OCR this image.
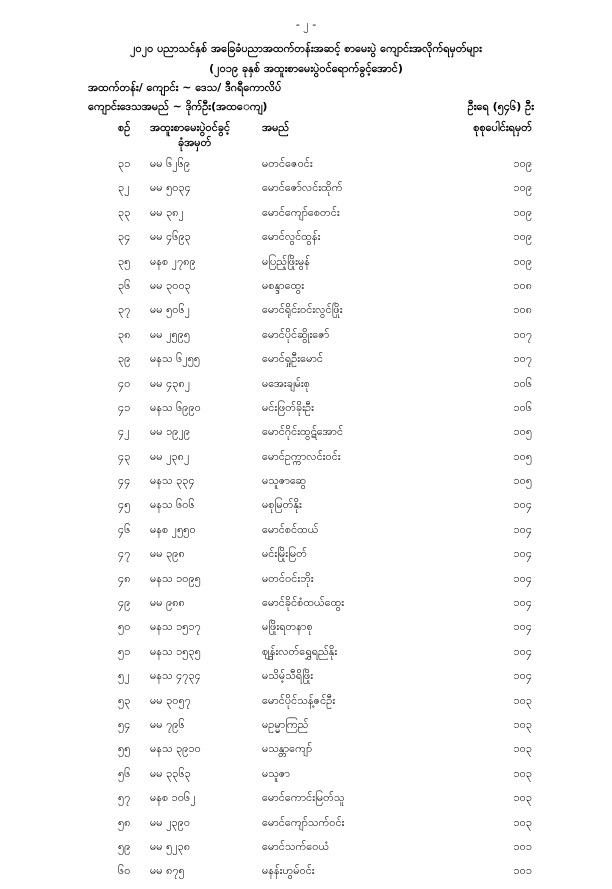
- ၂ -
၂၀၂၀ ပညာသင်နှစ် အခြေခံပညာအထက်တန်းအဆင့် စာမေးပွဲ ကျောင်းအလိုက်ရမှတ်များ
(၂၀၁၉ ခုနှစ် အထူးစာမေးပွဲဝင်ရောက်ခွင့်အောင်)
အထက်တန်း/ ကျောင်း ~ ဒေသ/ ဒီဂရီကောလိပ်
ကျောင်းဒေသအမည် ~ ဒိုက်ဦး(အထ​ေကျ)	ဦးရေ (၅၄၆) ဦး
စဉ် အထူးစာမေးပွဲဝင်ခွင့်
ခုံအမှတ်
အမည်	စုစုပေါင်းရမှတ်
၃၁ မမ ၆၂၆၉	မတင်ဇေဝင်း	၁၀၉
၃၂ မမ ၅၀၃၄	မောင်ဇော်လင်းထိုက်	၁၀၉
၃၃ မမ ၃၈၂	မောင်ကျော်စေတင်း	၁၀၉
၃၄ မမ ၄၆၉၃	မောင်လွင်ထွန်း	၁၀၉
၃၅ မနစ ၂၇၈၉	မပြည့်ဖြိုးမွန်	၁၀၉
၃၆ မမ ၃၀၀၃	မစန္ဒာထွေး	၁၀၈
၃၇ မမ ၅၀၆၂	မောင်ရိုင်းဝင်းလွင်ဖြိုး	၁၀၈
၃၈ မမ ၂၅၉၅	မောင်ပိုင်ဆွိုးဇော်	၁၀၇
၃၉ မနသ ၆၂၅၅	မောင်ရှုဦးမောင်	၁၀၇
၄၀ မမ ၄၃၈၂	မအေးချမ်းစု	၁၀၆
၄၁ မနသ ၆၉၉၀	မင်းဖြတ်ခိုးဦး	၁၀၆
၄၂ မမ ၁၉၂၉	မောင်ဂိုင်းထွဋ်အောင်	၁၀၅
၄၃ မမ ၂၃၈၂	မောင်ဥက္ကာလင်းဝင်း	၁၀၅
၄၄ မနသ ၃၃၄	မသူဇာဆွေ	၁၀၅
၄၅ မနသ ၆၀၆	မစုမြတ်နိုး	၁၀၄
၄၆ မနစ ၂၅၅၀	မောင်စင်ထယ်	၁၀၄
၄၇ မမ ၃၉၈	မင်းမြိုးမြတ်	၁၀၄
၄၈ မနသ ၁၀၉၅	မတင်ဝင်းဘိုး	၁၀၄
၄၉ မမ ၉၈၈	မောင်ခိုင်စံထယ်ထွေး	၁၀၄
၅၀ မနသ ၁၅၁၇	မဖြိုးရတနာစု	၁၀၄
၅၁ မနသ ၁၅၃၅	ဈွန်းလတ်ရွှေရည်နိုး	၁၀၄
၅၂ မနသ ၄၇၃၄	မသိမ့်သီရိဖြိုး	၁၀၄
၅၃ မမ ၃၀၅၇	မောင်ပိုင်သန့်ဇင်ဦး	၁၀၃
၅၄ မမ ၇၉၆	မဥမ္မာကြည်	၁၀၃
၅၅ မနသ ၃၉၁၀	မသန္တာကျော်	၁၀၃
၅၆ မမ ၃၃၆၃	မသူဇာ	၁၀၃
၅၇ မနစ ၁၀၆၂	မောင်ကောင်းမြတ်သူ	၁၀၃
၅၈ မမ ၂၃၉၀	မောင်ကျော်သက်ဝင်း	၁၀၃
၅၉ မမ ၅၂၃၈	မောင်သက်ဝေယံ	၁၀၁
၆၀ မမ ၈၇၅	မနန်းဟွမ်ဝင်း	၁၀၁
